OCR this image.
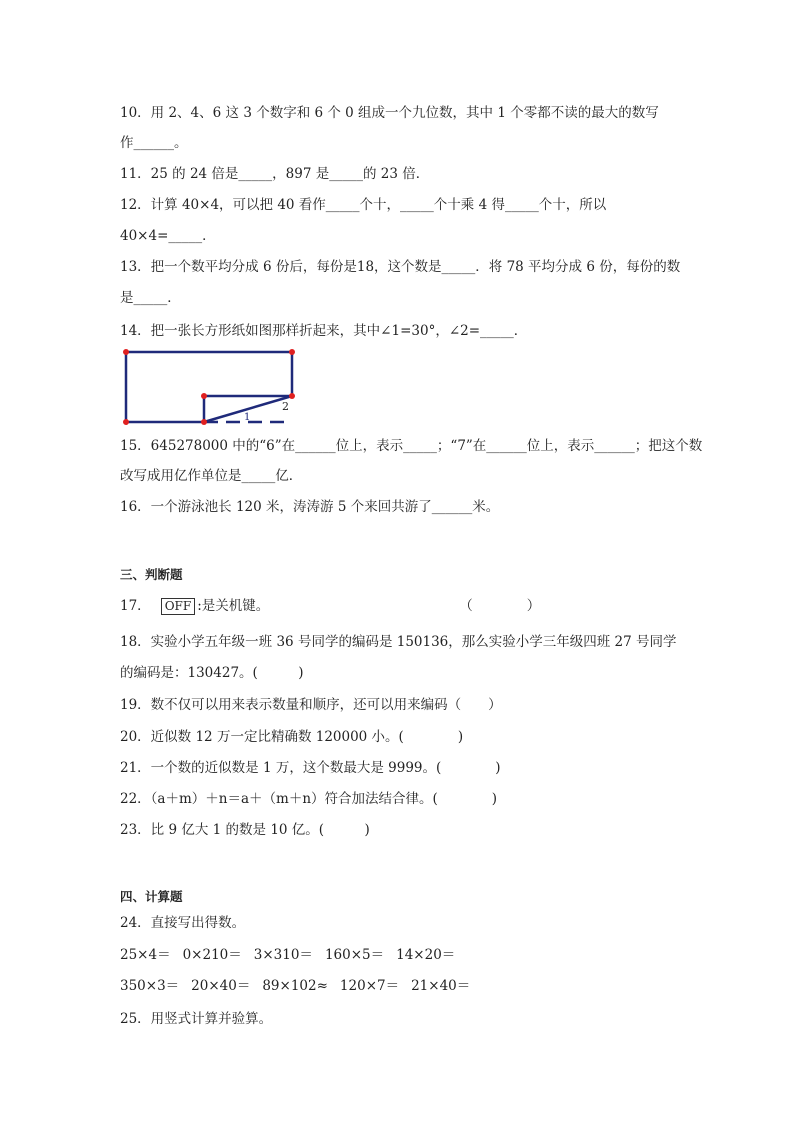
10．用 2、4、6 这 3 个数字和 6 个 0 组成一个九位数，其中 1 个零都不读的最大的数写
作______。
11．25 的 24 倍是_____，897 是_____的 23 倍．
12．计算 40×4，可以把 40 看作_____个十，_____个十乘 4 得_____个十，所以
40×4=_____．
13．把一个数平均分成 6 份后，每份是18，这个数是_____．将 78 平均分成 6 份，每份的数
是_____．
14．把一张长方形纸如图那样折起来，其中∠1=30°，∠2=_____．
1
2
15．645278000 中的“6”在______位上，表示_____；“7”在______位上，表示______；把这个数
改写成用亿作单位是_____亿．
16．一个游泳池长 120 米，涛涛游 5 个来回共游了______米。
三、判断题
17． OFF :是关机键。	（　　　　）
18．实验小学五年级一班 36 号同学的编码是 150136，那么实验小学三年级四班 27 号同学
的编码是：130427。(　　　)
19．数不仅可以用来表示数量和顺序，还可以用来编码（　　）
20．近似数 12 万一定比精确数 120000 小。(　　　　)
21．一个数的近似数是 1 万，这个数最大是 9999。(　　　　)
22．（a＋m）＋n＝a＋（m＋n）符合加法结合律。(　　　　)
23．比 9 亿大 1 的数是 10 亿。(　　　)
四、计算题
24．直接写出得数。
25×4＝ 0×210＝ 3×310＝ 160×5＝ 14×20＝
350×3＝ 20×40＝ 89×102≈ 120×7＝ 21×40＝
25．用竖式计算并验算。
